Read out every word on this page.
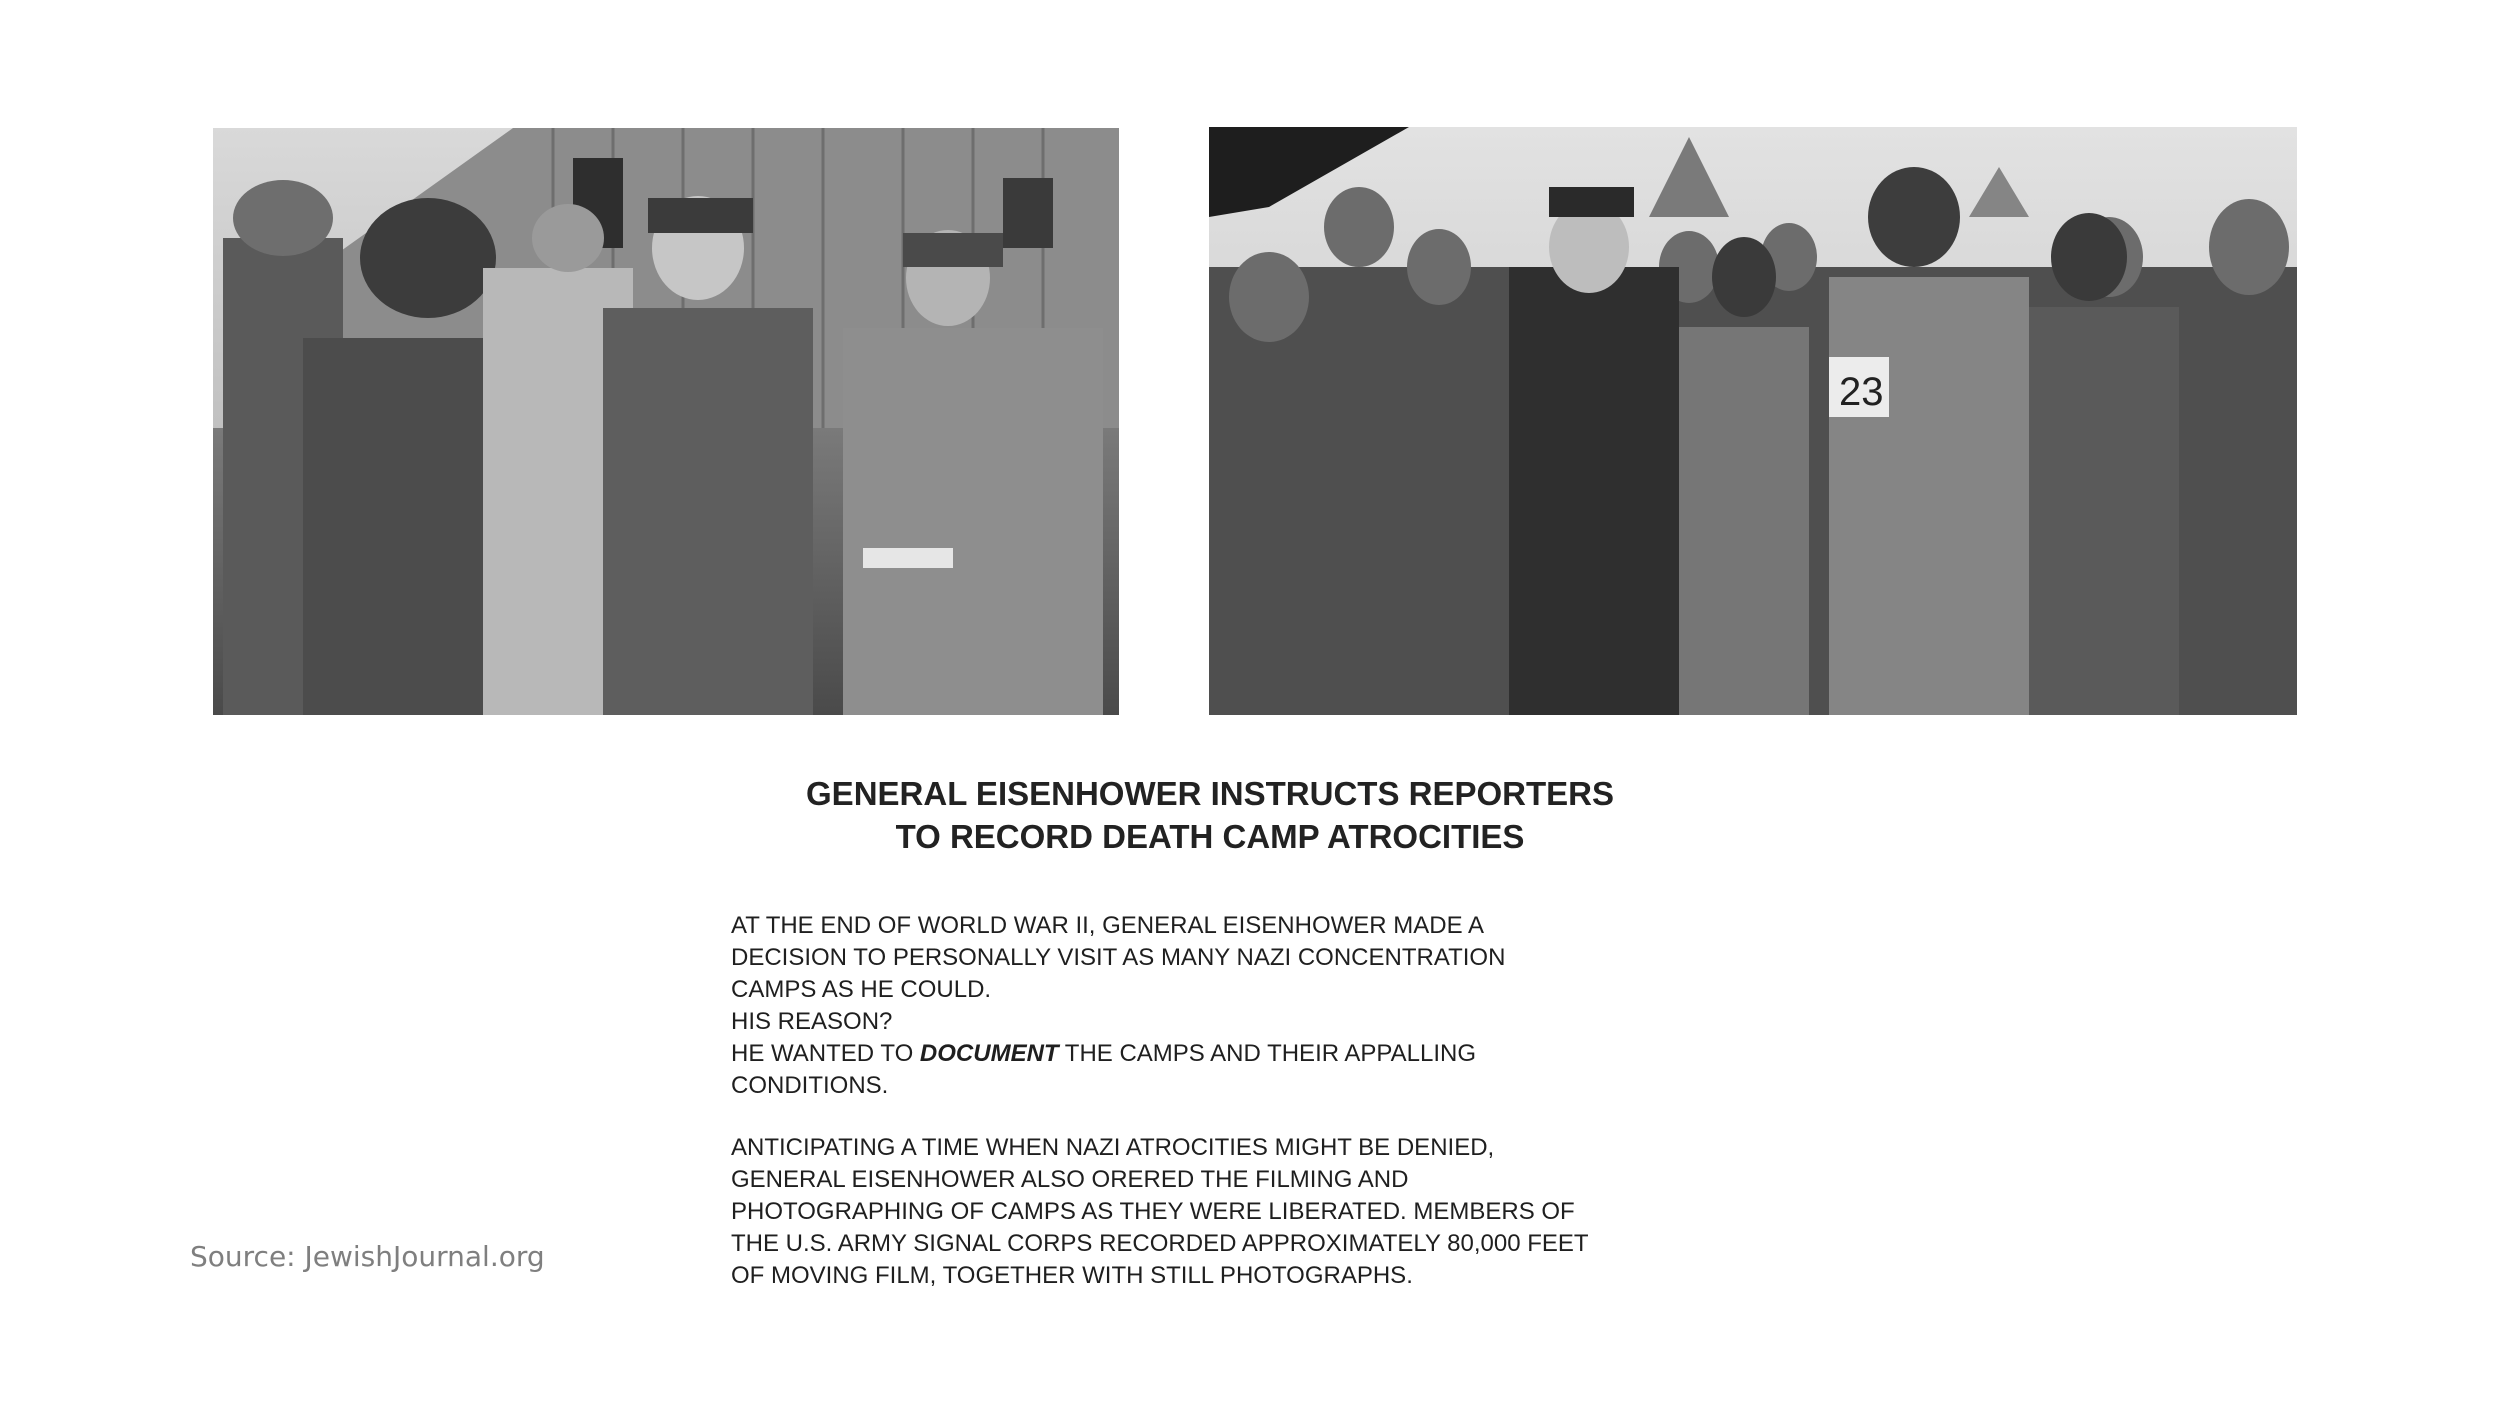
23
GENERAL EISENHOWER INSTRUCTS REPORTERS
TO RECORD DEATH CAMP ATROCITIES

AT THE END OF WORLD WAR II, GENERAL EISENHOWER MADE A

DECISION TO PERSONALLY VISIT AS MANY NAZI CONCENTRATION

CAMPS AS HE COULD.

HIS REASON?

HE WANTED TO DOCUMENT THE CAMPS AND THEIR APPALLING

CONDITIONS.

ANTICIPATING A TIME WHEN NAZI ATROCITIES MIGHT BE DENIED,

GENERAL EISENHOWER ALSO ORERED THE FILMING AND

PHOTOGRAPHING OF CAMPS AS THEY WERE LIBERATED. MEMBERS OF

THE U.S. ARMY SIGNAL CORPS RECORDED APPROXIMATELY 80,000 FEET

OF MOVING FILM, TOGETHER WITH STILL PHOTOGRAPHS.

Source: JewishJournal.org
